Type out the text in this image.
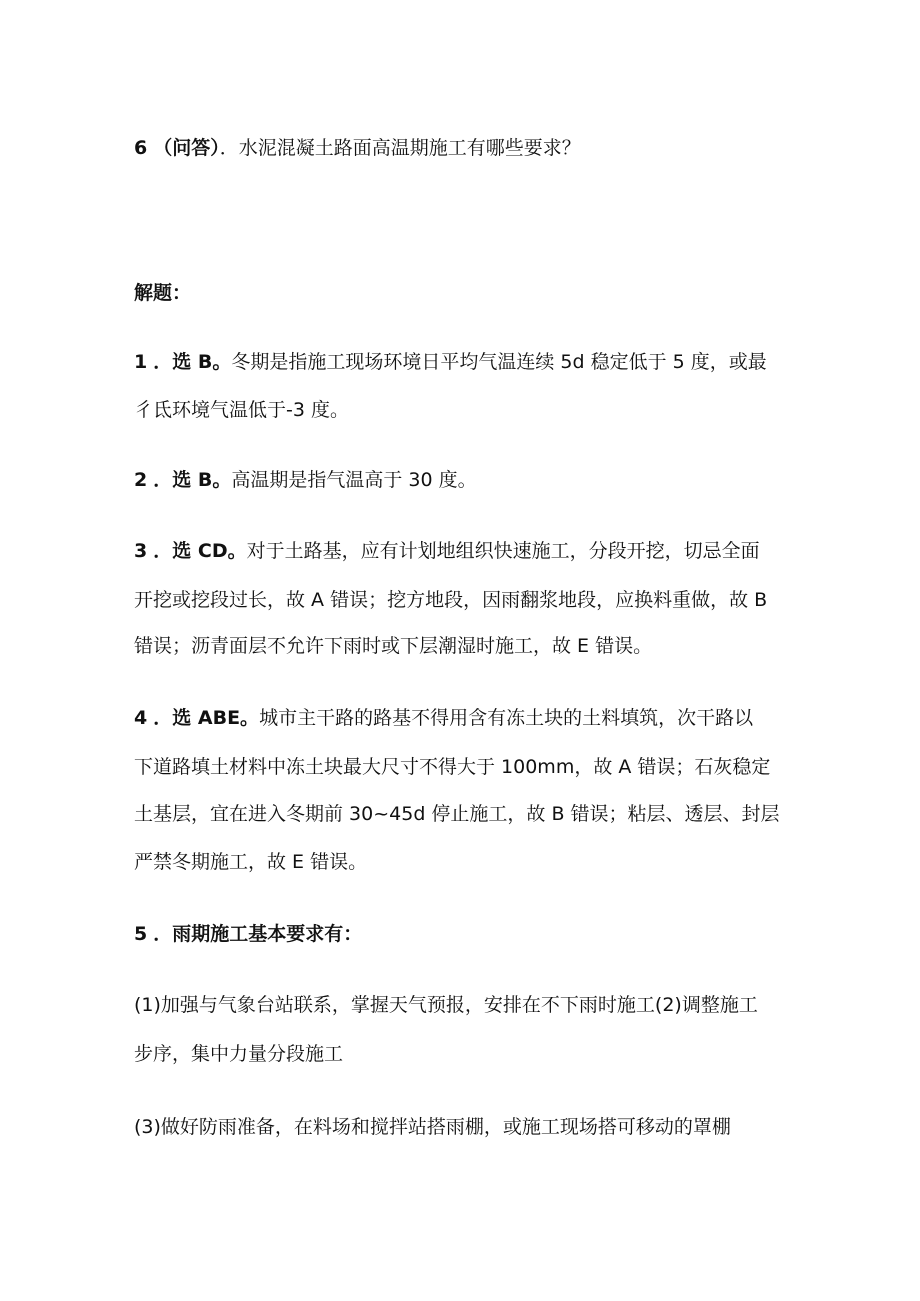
6 （问答）．水泥混凝土路面高温期施工有哪些要求？
解题：
1 ．选 B。冬期是指施工现场环境日平均气温连续 5d 稳定低于 5 度，或最
彳氐环境气温低于-3 度。
2 ．选 B。高温期是指气温高于 30 度。
3 ．选 CD。对于土路基，应有计划地组织快速施工，分段开挖，切忌全面
开挖或挖段过长，故 A 错误；挖方地段，因雨翻浆地段，应换料重做，故 B
错误；沥青面层不允许下雨时或下层潮湿时施工，故 E 错误。
4 ．选 ABE。城市主干路的路基不得用含有冻土块的土料填筑，次干路以
下道路填土材料中冻土块最大尺寸不得大于 100mm，故 A 错误；石灰稳定
土基层，宜在进入冬期前 30~45d 停止施工，故 B 错误；粘层、透层、封层
严禁冬期施工，故 E 错误。
5 ．雨期施工基本要求有：
(1)加强与气象台站联系，掌握天气预报，安排在不下雨时施工(2)调整施工
步序，集中力量分段施工
(3)做好防雨准备，在料场和搅拌站搭雨棚，或施工现场搭可移动的罩棚
